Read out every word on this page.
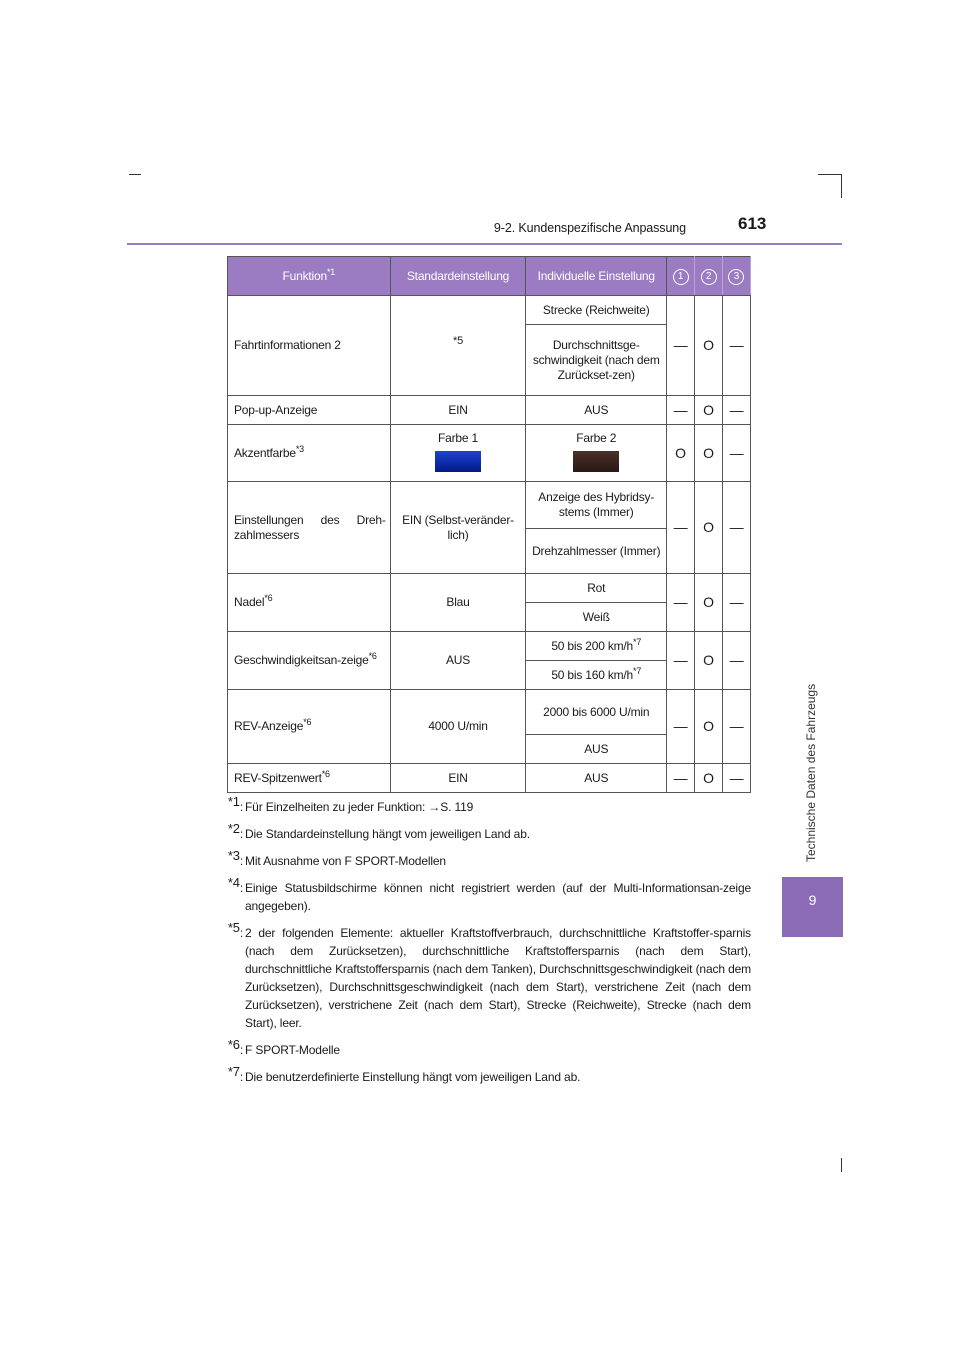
9-2. Kundenspezifische Anpassung	613
Technische Daten des Fahrzeugs
9
Funktion$^{*1}$	Standardeinstellung	Individuelle Einstellung	1	2	3
Fahrtinformationen 2	$^{*5}$	Strecke (Reichweite)	—	O	—
		Durchschnittsge-schwindigkeit (nach dem Zurückset-zen)			
Pop-up-Anzeige	EIN	AUS	—	O	—
Akzentfarbe$^{*3}$	Farbe 1	Farbe 2	O	O	—
Einstellungen des Dreh-zahlmessers	EIN (Selbst-veränder-lich)	Anzeige des Hybridsy-stems (Immer)	—	O	—
		Drehzahlmesser (Immer)			
Nadel$^{*6}$	Blau	Rot	—	O	—
		Weiß			
Geschwindigkeitsan-zeige$^{*6}$	AUS	50 bis 200 $km/h^{*7}$	—	O	—
		50 bis 160 $km/h^{*7}$
REV-Anzeige$^{*6}$	4000 U/min	2000 bis 6000 U/min	—	O	—
		AUS			
REV-Spitzenwert$^{*6}$	EIN	AUS	—	O	—
$^{*1}$: Für Einzelheiten zu jeder Funktion: →S. 119
$^{*2}$: Die Standardeinstellung hängt vom jeweiligen Land ab.
$^{*3}$: Mit Ausnahme von F SPORT-Modellen
$^{*4}$: Einige Statusbildschirme können nicht registriert werden (auf der Multi-Informationsan-zeige angegeben).
$^{*5}$: 2 der folgenden Elemente: aktueller Kraftstoffverbrauch, durchschnittliche Kraftstoffer-sparnis (nach dem Zurücksetzen), durchschnittliche Kraftstoffersparnis (nach dem Start), durchschnittliche Kraftstoffersparnis (nach dem Tanken), Durchschnittsgeschwindigkeit (nach dem Zurücksetzen), Durchschnittsgeschwindigkeit (nach dem Start), verstrichene Zeit (nach dem Zurücksetzen), verstrichene Zeit (nach dem Start), Strecke (Reichweite), Strecke (nach dem Start), leer.
$^{*6}$: F SPORT-Modelle
$^{*7}$: Die benutzerdefinierte Einstellung hängt vom jeweiligen Land ab.
